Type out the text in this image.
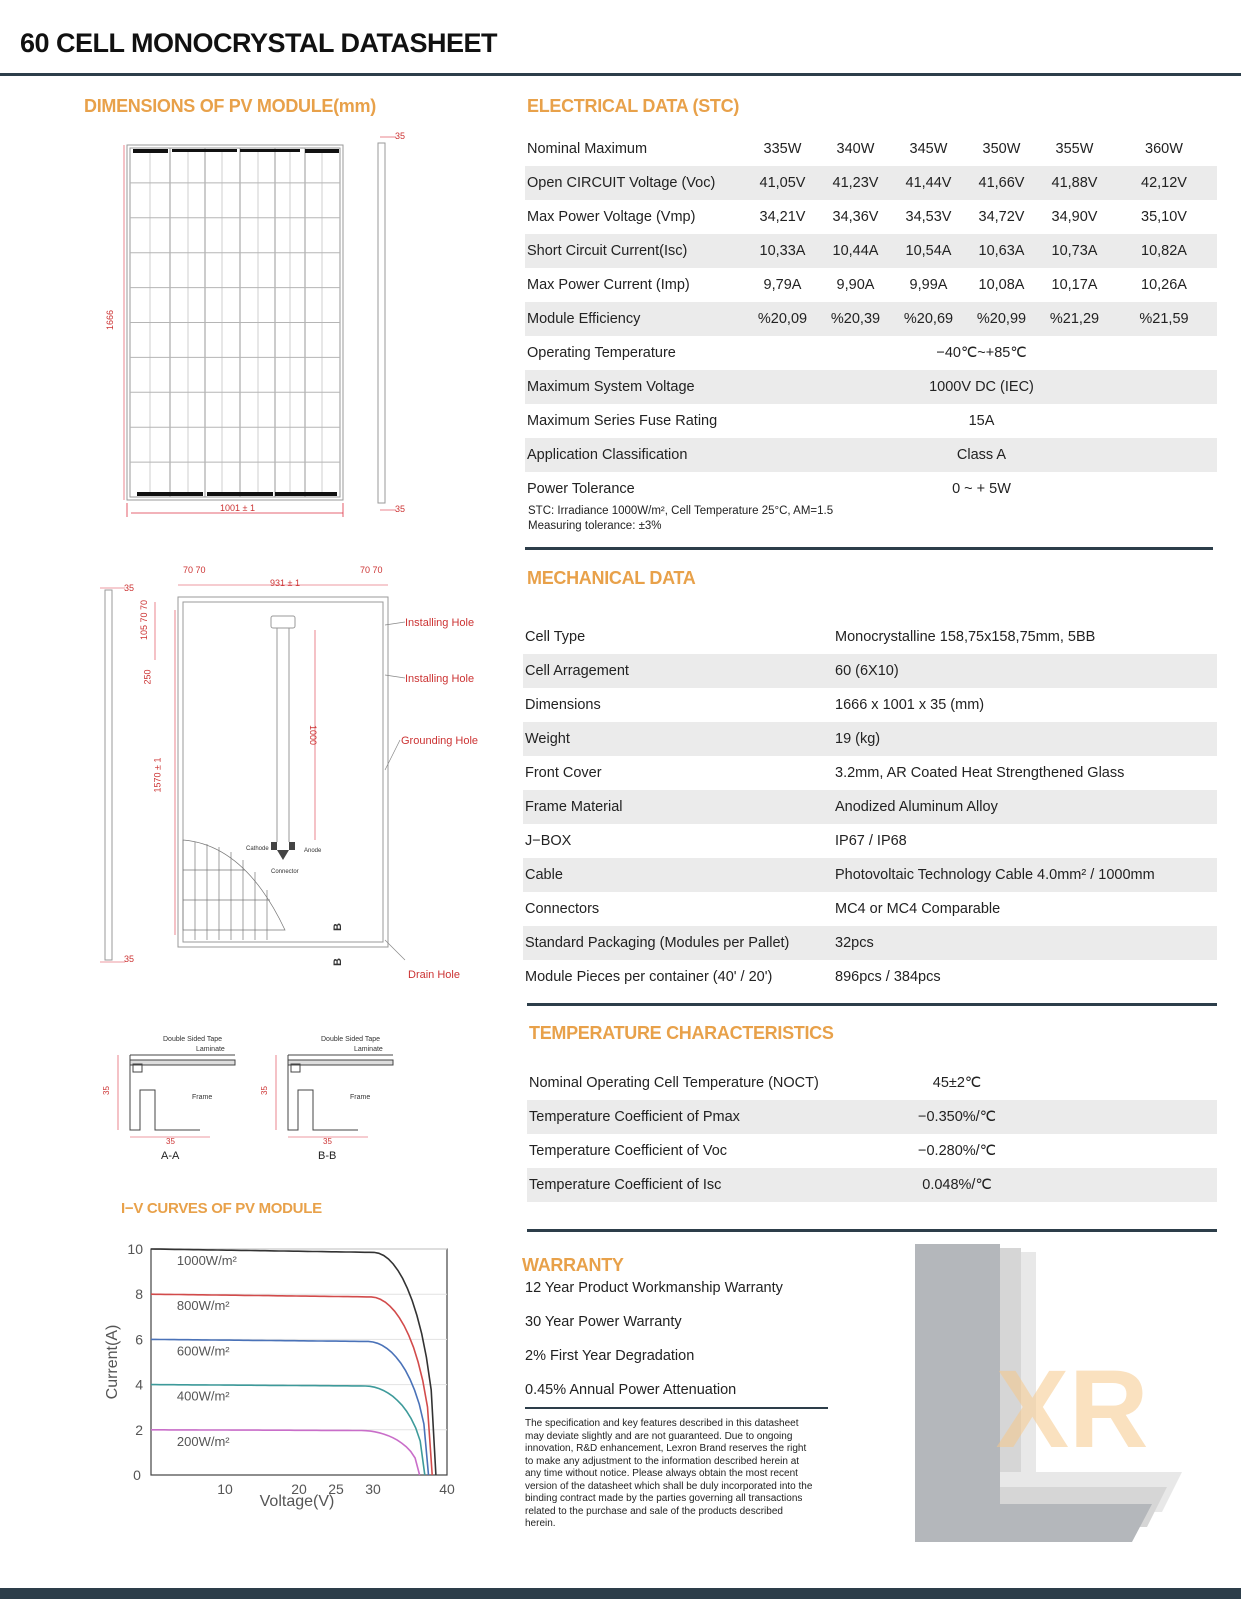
60 CELL MONOCRYSTAL DATASHEET
DIMENSIONS OF PV MODULE(mm)
1666
1001 ± 1
35
35
70 70
931 ± 1
70 70
35
35
105 70 70
250
1570 ± 1
1000
Installing Hole
Installing Hole
Grounding Hole
Drain Hole
Cathode	Anode
Connector
B
B
Double Sided Tape
Laminate
Frame
35
35
A-A
Double Sided Tape
Laminate
Frame
35
35
B-B
I−V CURVES OF PV MODULE
10
8
6
4
2
0
10	20 25 30	40
1000W/m²
800W/m²
600W/m²
400W/m²
200W/m²
Voltage(V)
Current(A)
ELECTRICAL DATA (STC)
Nominal Maximum	335W	340W	345W	350W	355W	360W	
Open CIRCUIT Voltage (Voc)	41,05V	41,23V	41,44V	41,66V	41,88V	42,12V	
Max Power Voltage (Vmp)	34,21V	34,36V	34,53V	34,72V	34,90V	35,10V	
Short Circuit Current(Isc)	10,33A	10,44A	10,54A	10,63A	10,73A	10,82A	
Max Power Current (Imp)	9,79A	9,90A	9,99A	10,08A	10,17A	10,26A	
Module Efficiency	%20,09	%20,39	%20,69	%20,99	%21,29	%21,59	
Operating Temperature	−40℃~+85℃						
Maximum System Voltage	1000V DC (IEC)						
Maximum Series Fuse Rating	15A						
Application Classification	Class A						
Power Tolerance	0 ~ + 5W						
STC: Irradiance 1000W/m², Cell Temperature 25°C, AM=1.5
Measuring tolerance: ±3%
MECHANICAL DATA
Cell Type	Monocrystalline 158,75x158,75mm, 5BB
Cell Arragement	60 (6X10)
Dimensions	1666 x 1001 x 35 (mm)
Weight	19 (kg)
Front Cover	3.2mm, AR Coated Heat Strengthened Glass
Frame Material	Anodized Aluminum Alloy
J−BOX	IP67 / IP68
Cable	Photovoltaic Technology Cable 4.0mm² / 1000mm
Connectors	MC4 or MC4 Comparable
Standard Packaging (Modules per Pallet)	32pcs
Module Pieces per container (40' / 20')	896pcs / 384pcs
TEMPERATURE CHARACTERISTICS
Nominal Operating Cell Temperature (NOCT)	45±2℃	
Temperature Coefficient of Pmax	−0.350%/℃	
Temperature Coefficient of Voc	−0.280%/℃	
Temperature Coefficient of Isc	0.048%/℃	
WARRANTY
12 Year Product Workmanship Warranty
30 Year Power Warranty
2% First Year Degradation
0.45% Annual Power Attenuation
The specification and key features described in this datasheet may deviate slightly and are not guaranteed. Due to ongoing innovation, R&D enhancement, Lexron Brand reserves the right to make any adjustment to the information described herein at any time without notice. Please always obtain the most recent version of the datasheet which shall be duly incorporated into the binding contract made by the parties governing all transactions related to the purchase and sale of the products described herein.
XR
